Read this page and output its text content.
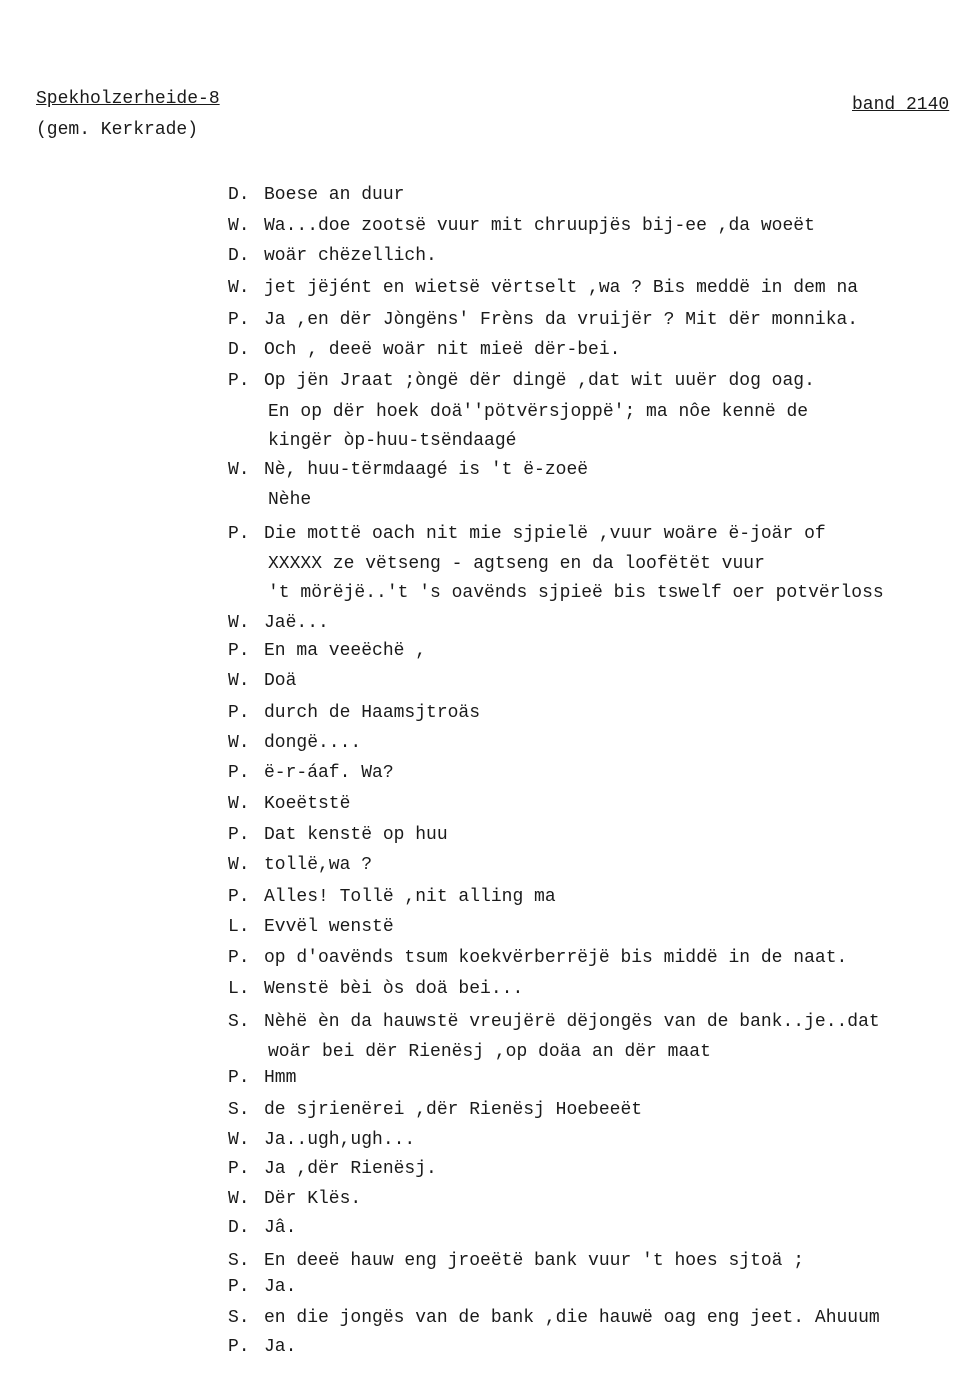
Spekholzerheide-8
(gem. Kerkrade)
band 2140
D. Boese an duur
W. Wa...doe zootsë vuur mit chruupjës bij-ee ,da woeët
D. woär chëzellich.
W. jet jëjént en wietsë vërtselt ,wa ? Bis meddë in dem na
P. Ja ,en dër Jòngëns' Frèns da vruijër ? Mit dër monnika.
D. Och , deeë woär nit mieë dër-bei.
P. Op jën Jraat ;òngë dër dingë ,dat wit uuër dog oag.
En op dër hoek doä''pötvërsjoppë'; ma nôe kennë de
kingër òp-huu-tsëndaagé
W. Nè, huu-tërmdaagé is 't ë-zoeë
Nèhe
P. Die mottë oach nit mie sjpielë ,vuur woäre ë-joär of
XXXXX ze vëtseng - agtseng en da loofëtët vuur
't mörëjë..'t 's oavënds sjpieë bis tswelf oer potvërloss
W. Jaë...
P. En ma veeëchë ,
W. Doä
P. durch de Haamsjtroäs
W. dongë....
P. ë-r-áaf. Wa?
W. Koeëtstë
P. Dat kenstë op huu
W. tollë,wa ?
P. Alles! Tollë ,nit alling ma
L. Evvël wenstë
P. op d'oavënds tsum koekvërberrëjë bis middë in de naat.
L. Wenstë bèi òs doä bei...
S. Nèhë èn da hauwstë vreujërë dëjongës van de bank..je..dat
woär bei dër Rienësj ,op doäa an dër maat
P. Hmm
S. de sjrienërei ,dër Rienësj Hoebeeët
W. Ja..ugh,ugh...
P. Ja ,dër Rienësj.
W. Dër Klës.
D. Jâ.
S. En deeë hauw eng jroeëtë bank vuur 't hoes sjtoä ;
P. Ja.
S. en die jongës van de bank ,die hauwë oag eng jeet. Ahuuum
P. Ja.
